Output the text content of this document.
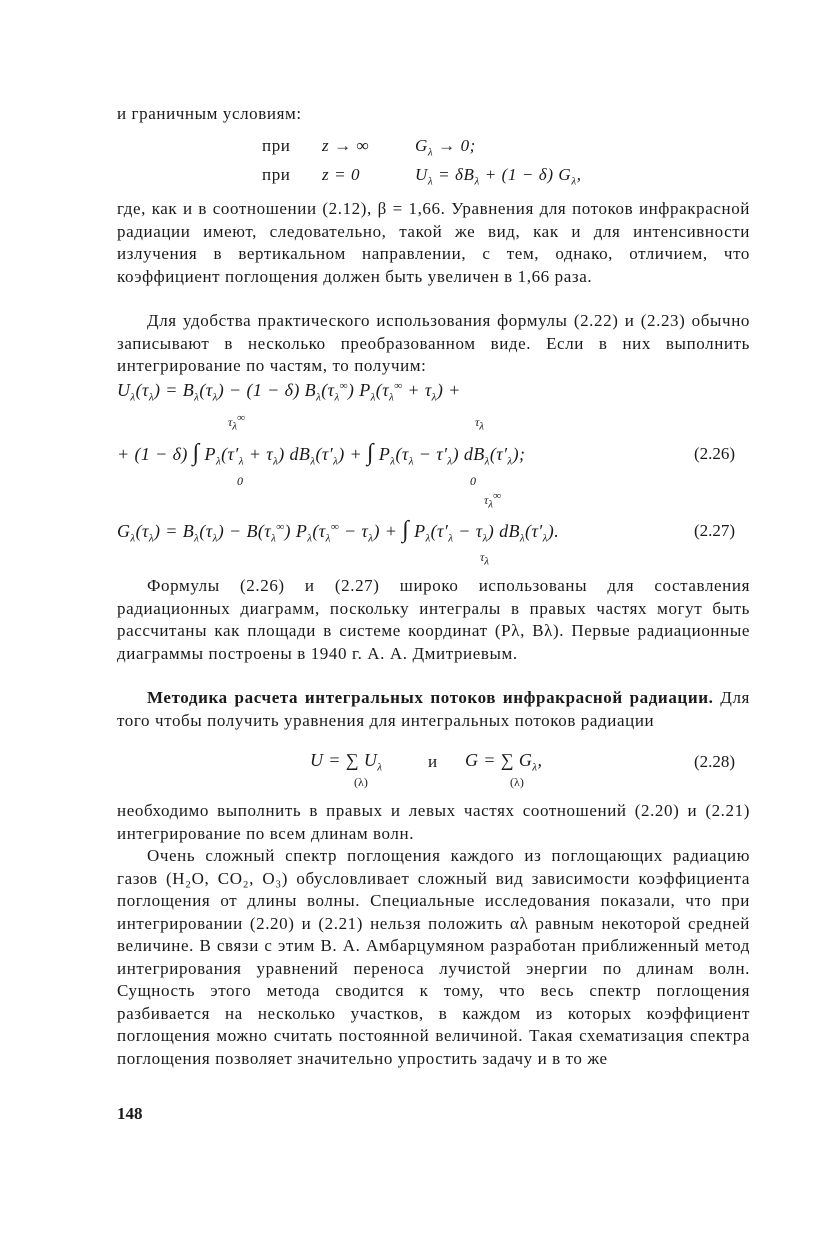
и граничным условиям:
при z → ∞	$G_\lambda \to 0$;
при z = 0	$U_\lambda = \delta B_\lambda + (1 - \delta)$ $G_\lambda$,
где, как и в соотношении (2.12), β = 1,66. Уравнения для потоков инфракрасной радиации имеют, следовательно, такой же вид, как и для интенсивности излучения в вертикальном направлении, с тем, однако, отличием, что коэффициент поглощения должен быть увеличен в 1,66 раза.
Для удобства практического использования формулы (2.22) и (2.23) обычно записывают в несколько преобразованном виде. Если в них выполнить интегрирование по частям, то получим:
$U_\lambda(\tau_\lambda) = B_\lambda(\tau_\lambda) - (1 - \delta)$ $B_\lambda(\tau_\lambda^\infty) P_\lambda(\tau_\lambda^\infty + \tau_\lambda)$ +
$\tau_\lambda^\infty$	$\tau_\lambda$
+ (1 − δ) ∫ $P_\lambda(\tau'_\lambda + \tau_\lambda) dB_\lambda(\tau'_\lambda)$ + ∫ $P_\lambda(\tau_\lambda - \tau'_\lambda)$ $dB_\lambda(\tau'_\lambda)$;	(2.26)
0	0
$\tau_\lambda^\infty$
$G_\lambda(\tau_\lambda) = B_\lambda(\tau_\lambda) - B(\tau_\lambda^\infty) P_\lambda(\tau_\lambda^\infty - \tau_\lambda)$ + ∫ $P_\lambda(\tau'_\lambda - \tau_\lambda)$ $dB_\lambda(\tau'_\lambda)$.	(2.27)
$\tau_\lambda$
Формулы (2.26) и (2.27) широко использованы для составления радиационных диаграмм, поскольку интегралы в правых частях могут быть рассчитаны как площади в системе координат (Pλ, Bλ). Первые радиационные диаграммы построены в 1940 г. А. А. Дмитриевым.
Методика расчета интегральных потоков инфракрасной радиации. Для того чтобы получить уравнения для интегральных потоков радиации
U = ∑ $U_\lambda$	и G = ∑ $G_\lambda$,
(λ)	(λ)
(2.28)
необходимо выполнить в правых и левых частях соотношений (2.20) и (2.21) интегрирование по всем длинам волн.
Очень сложный спектр поглощения каждого из поглощающих радиацию газов (H₂O, CO₂, O₃) обусловливает сложный вид зависимости коэффициента поглощения от длины волны. Специальные исследования показали, что при интегрировании (2.20) и (2.21) нельзя положить αλ равным некоторой средней величине. В связи с этим В. А. Амбарцумяном разработан приближенный метод интегрирования уравнений переноса лучистой энергии по длинам волн. Сущность этого метода сводится к тому, что весь спектр поглощения разбивается на несколько участков, в каждом из которых коэффициент поглощения можно считать постоянной величиной. Такая схематизация спектра поглощения позволяет значительно упростить задачу и в то же
148
